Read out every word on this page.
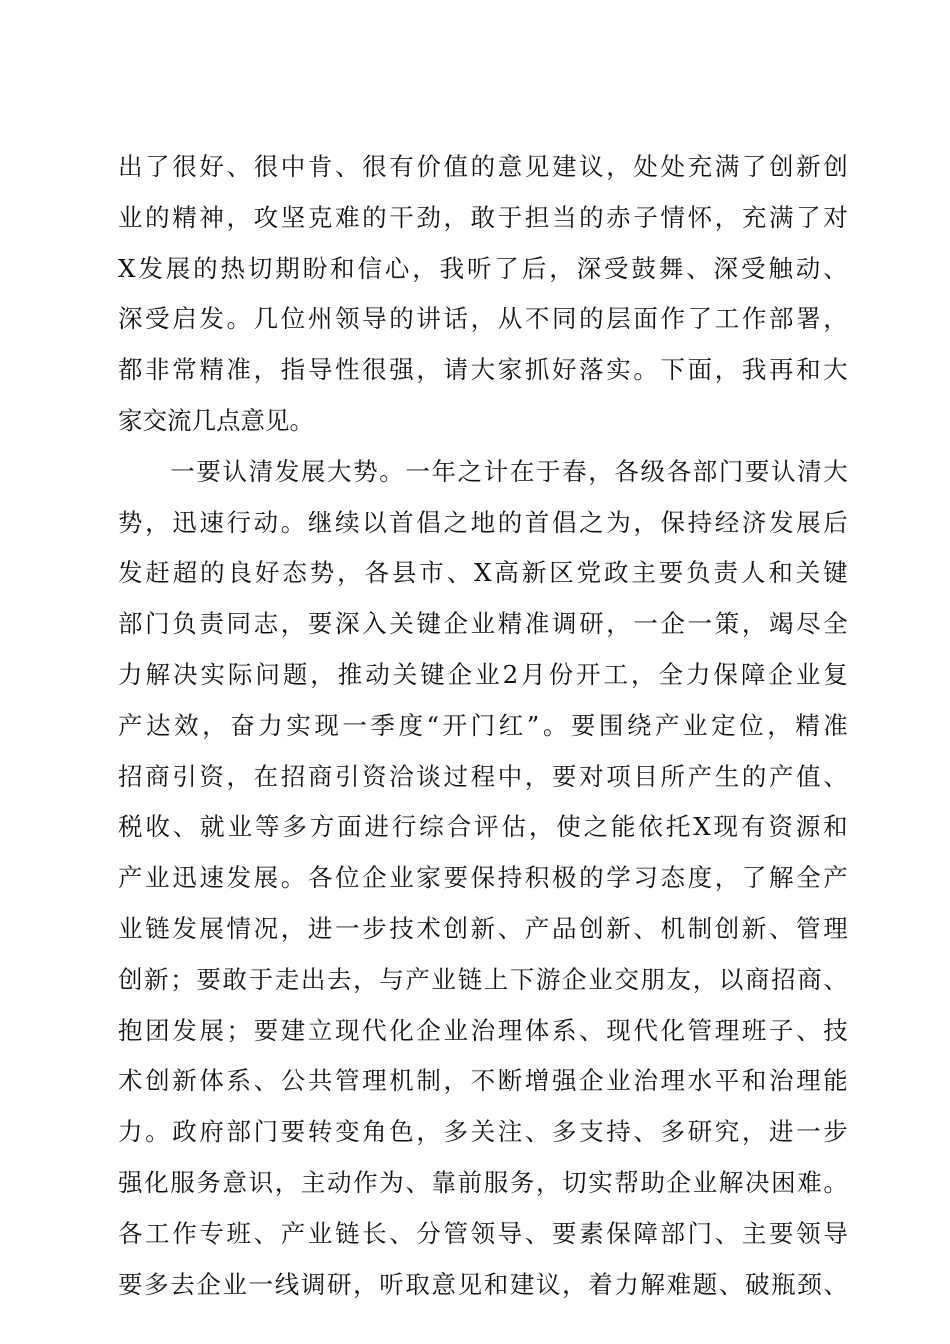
出 了 很 好 、 很 中 肯 、 很 有 价 值 的 意 见 建 议 ， 处 处 充 满 了 创 新 创
业 的 精 神 ， 攻 坚 克 难 的 干 劲 ， 敢 于 担 当 的 赤 子 情 怀 ， 充 满 了 对
X 发 展 的 热 切 期 盼 和 信 心 ， 我 听 了 后 ， 深 受 鼓 舞 、 深 受 触 动 、
深 受 启 发 。 几 位 州 领 导 的 讲 话 ， 从 不 同 的 层 面 作 了 工 作 部 署 ，
都 非 常 精 准 ， 指 导 性 很 强 ， 请 大 家 抓 好 落 实 。 下 面 ， 我 再 和 大
家 交 流 几 点 意 见 。

一 要 认 清 发 展 大 势 。 一 年 之 计 在 于 春 ， 各 级 各 部 门 要 认 清 大
势 ， 迅 速 行 动 。 继 续 以 首 倡 之 地 的 首 倡 之 为 ， 保 持 经 济 发 展 后
发 赶 超 的 良 好 态 势 ， 各 县 市 、 X 高 新 区 党 政 主 要 负 责 人 和 关 键
部 门 负 责 同 志 ， 要 深 入 关 键 企 业 精 准 调 研 ， 一 企 一 策 ， 竭 尽 全
力 解 决 实 际 问 题 ， 推 动 关 键 企 业 2 月 份 开 工 ， 全 力 保 障 企 业 复
产 达 效 ， 奋 力 实 现 一 季 度 “ 开 门 红 ” 。 要 围 绕 产 业 定 位 ， 精 准
招 商 引 资 ， 在 招 商 引 资 洽 谈 过 程 中 ， 要 对 项 目 所 产 生 的 产 值 、
税 收 、 就 业 等 多 方 面 进 行 综 合 评 估 ， 使 之 能 依 托 X 现 有 资 源 和
产 业 迅 速 发 展 。 各 位 企 业 家 要 保 持 积 极 的 学 习 态 度 ， 了 解 全 产
业 链 发 展 情 况 ， 进 一 步 技 术 创 新 、 产 品 创 新 、 机 制 创 新 、 管 理
创 新 ； 要 敢 于 走 出 去 ， 与 产 业 链 上 下 游 企 业 交 朋 友 ， 以 商 招 商 、
抱 团 发 展 ； 要 建 立 现 代 化 企 业 治 理 体 系 、 现 代 化 管 理 班 子 、 技
术 创 新 体 系 、 公 共 管 理 机 制 ， 不 断 增 强 企 业 治 理 水 平 和 治 理 能
力 。 政 府 部 门 要 转 变 角 色 ， 多 关 注 、 多 支 持 、 多 研 究 ， 进 一 步
强 化 服 务 意 识 ， 主 动 作 为 、 靠 前 服 务 ， 切 实 帮 助 企 业 解 决 困 难 。
各 工 作 专 班 、 产 业 链 长 、 分 管 领 导 、 要 素 保 障 部 门 、 主 要 领 导
要 多 去 企 业 一 线 调 研 ， 听 取 意 见 和 建 议 ， 着 力 解 难 题 、 破 瓶 颈 、
